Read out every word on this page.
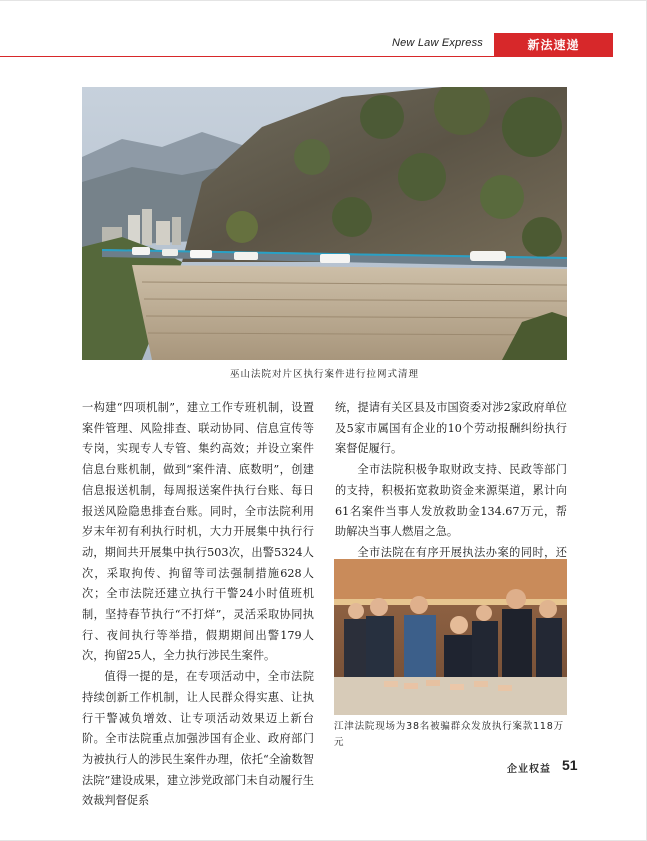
New Law Express	新法速递
巫山法院对片区执行案件进行拉网式清理

一构建“四项机制”，建立工作专班机制，设置案件管理、风险排查、联动协同、信息宣传等专岗，实现专人专管、集约高效；并设立案件信息台账机制，做到“案件清、底数明”，创建信息报送机制，每周报送案件执行台账、每日报送风险隐患排查台账。同时，全市法院利用岁末年初有利执行时机，大力开展集中执行行动，期间共开展集中执行503次，出警5324人次，采取拘传、拘留等司法强制措施628人次；全市法院还建立执行干警24小时值班机制，坚持春节执行“不打烊”，灵活采取协同执行、夜间执行等举措，假期期间出警179人次，拘留25人，全力执行涉民生案件。

值得一提的是，在专项活动中，全市法院持续创新工作机制，让人民群众得实惠、让执行干警减负增效、让专项活动效果迈上新台阶。全市法院重点加强涉国有企业、政府部门为被执行人的涉民生案件办理，依托“全渝数智法院”建设成果，建立涉党政部门未自动履行生效裁判督促系

统，提请有关区县及市国资委对涉2家政府单位及5家市属国有企业的10个劳动报酬纠纷执行案督促履行。

全市法院积极争取财政支持、民政等部门的支持，积极拓宽救助资金来源渠道，累计向61名案件当事人发放救助金134.67万元，帮助解决当事人燃眉之急。

全市法院在有序开展执法办案的同时，还

江津法院现场为38名被骗群众发放执行案款118万元
企业权益 51
